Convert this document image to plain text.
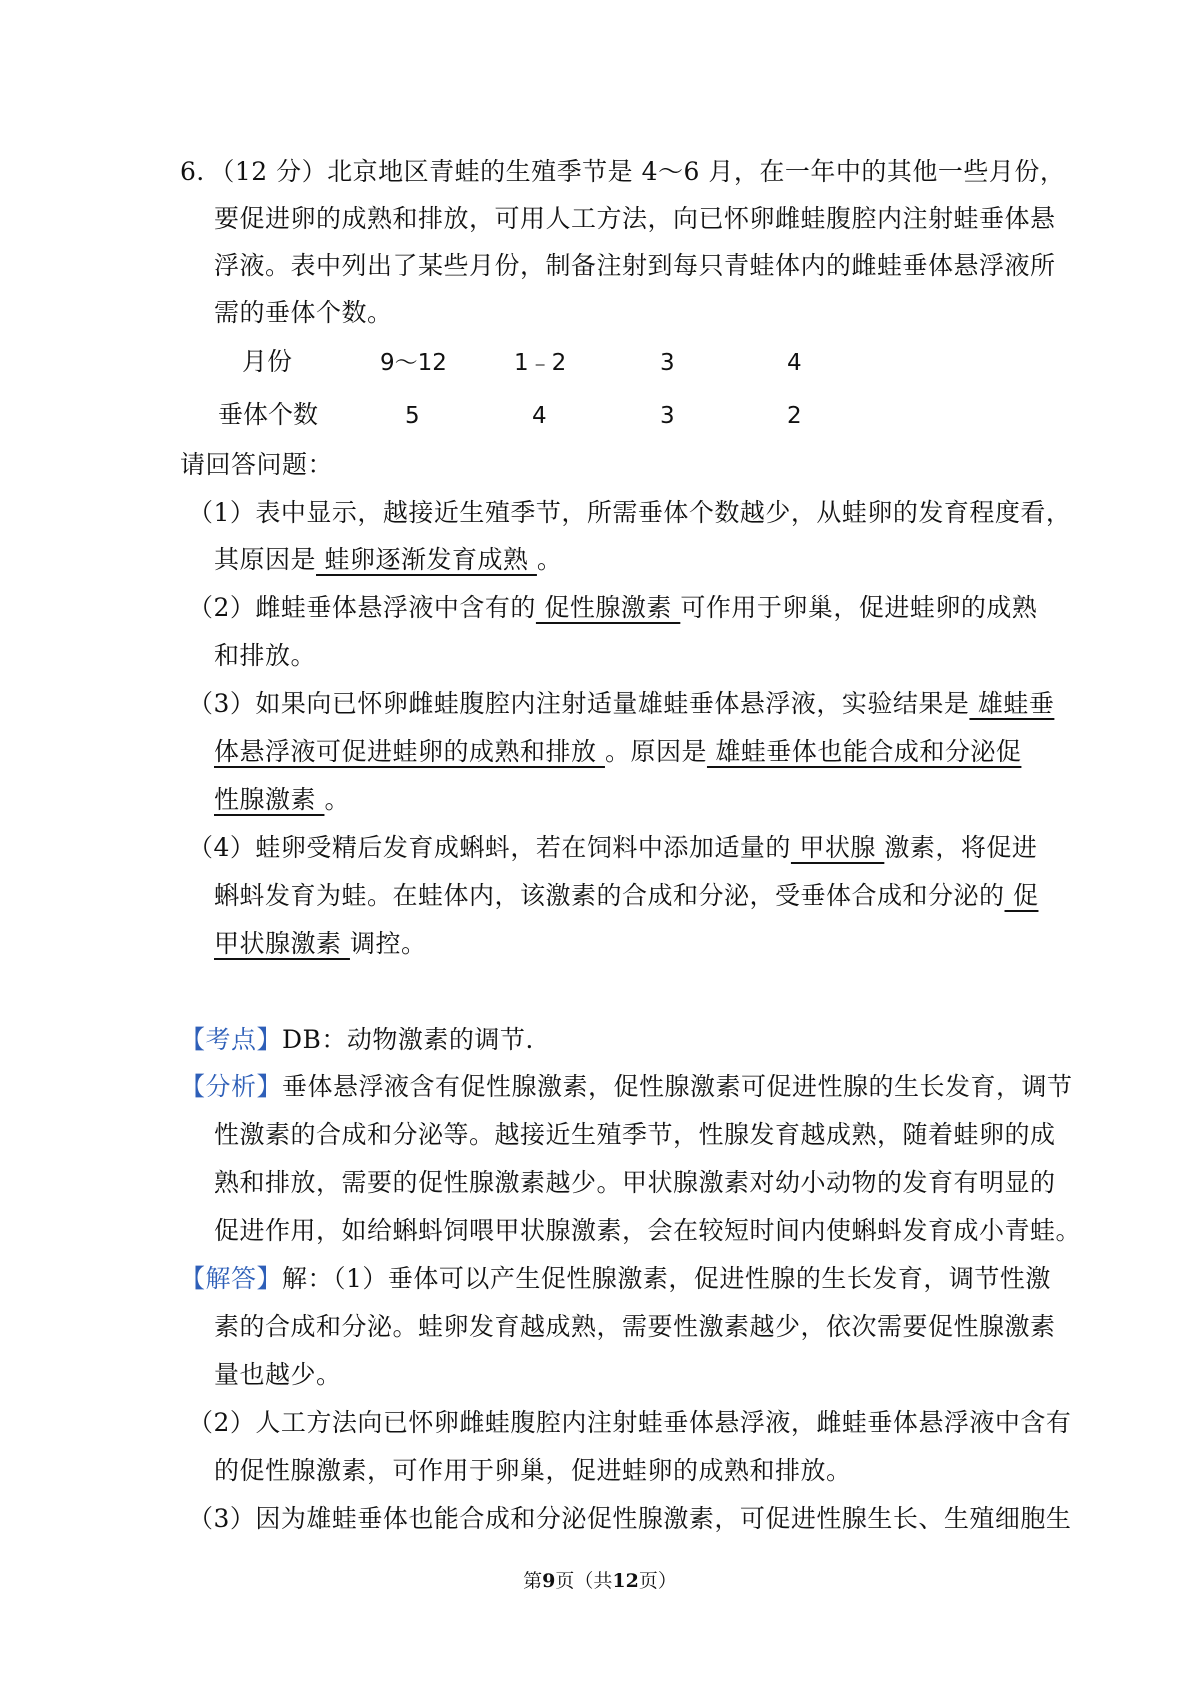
6．（12 分）北京地区青蛙的生殖季节是 4～6 月，在一年中的其他一些月份，
要促进卵的成熟和排放，可用人工方法，向已怀卵雌蛙腹腔内注射蛙垂体悬
浮液。表中列出了某些月份，制备注射到每只青蛙体内的雌蛙垂体悬浮液所
需的垂体个数。
月份	9～12	1﹣2	3	4
垂体个数	5	4	3	2
请回答问题：
（1）表中显示，越接近生殖季节，所需垂体个数越少，从蛙卵的发育程度看，
其原因是 蛙卵逐渐发育成熟 。
（2）雌蛙垂体悬浮液中含有的 促性腺激素 可作用于卵巢，促进蛙卵的成熟
和排放。
（3）如果向已怀卵雌蛙腹腔内注射适量雄蛙垂体悬浮液，实验结果是 雄蛙垂
体悬浮液可促进蛙卵的成熟和排放 。原因是 雄蛙垂体也能合成和分泌促
性腺激素 。
（4）蛙卵受精后发育成蝌蚪，若在饲料中添加适量的 甲状腺 激素，将促进
蝌蚪发育为蛙。在蛙体内，该激素的合成和分泌，受垂体合成和分泌的 促
甲状腺激素 调控。
【考点】DB：动物激素的调节.
【分析】垂体悬浮液含有促性腺激素，促性腺激素可促进性腺的生长发育，调节
性激素的合成和分泌等。越接近生殖季节，性腺发育越成熟，随着蛙卵的成
熟和排放，需要的促性腺激素越少。甲状腺激素对幼小动物的发育有明显的
促进作用，如给蝌蚪饲喂甲状腺激素，会在较短时间内使蝌蚪发育成小青蛙。
【解答】解：（1）垂体可以产生促性腺激素，促进性腺的生长发育，调节性激
素的合成和分泌。蛙卵发育越成熟，需要性激素越少，依次需要促性腺激素
量也越少。
（2）人工方法向已怀卵雌蛙腹腔内注射蛙垂体悬浮液，雌蛙垂体悬浮液中含有
的促性腺激素，可作用于卵巢，促进蛙卵的成熟和排放。
（3）因为雄蛙垂体也能合成和分泌促性腺激素，可促进性腺生长、生殖细胞生
第9页（共12页）
